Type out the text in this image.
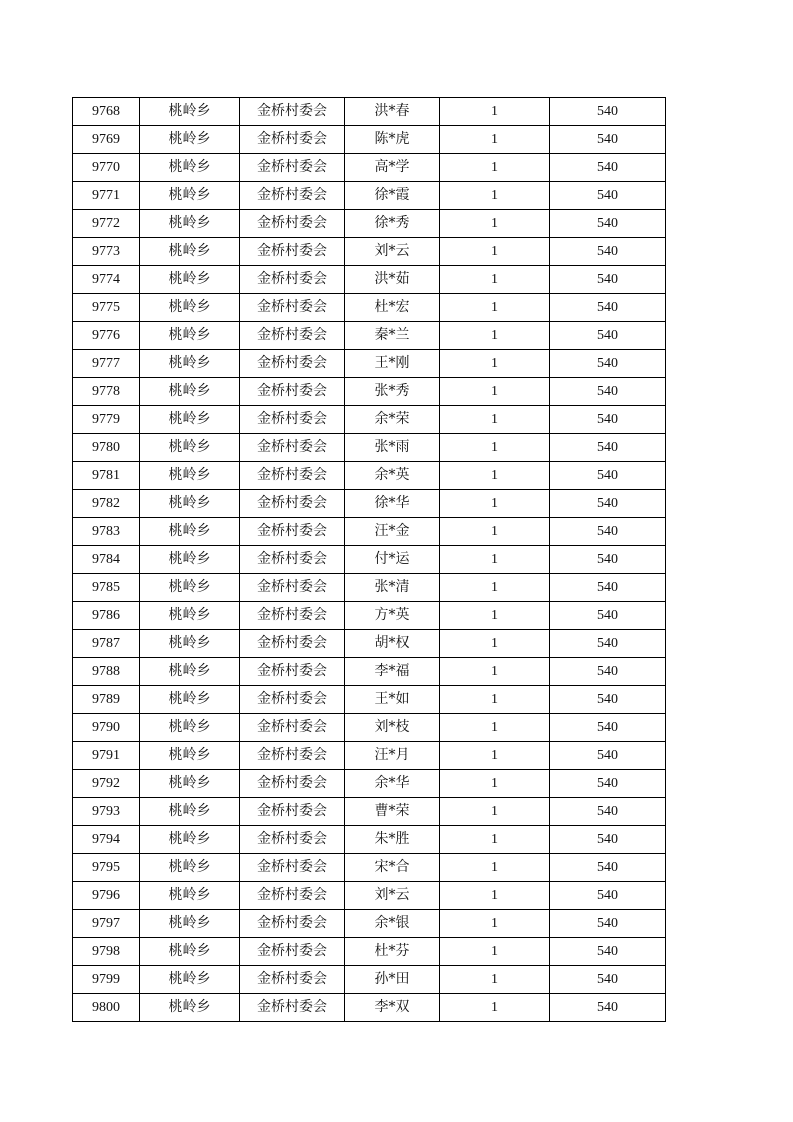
9768	桃岭乡	金桥村委会	洪*春	1	540
9769	桃岭乡	金桥村委会	陈*虎	1	540
9770	桃岭乡	金桥村委会	高*学	1	540
9771	桃岭乡	金桥村委会	徐*霞	1	540
9772	桃岭乡	金桥村委会	徐*秀	1	540
9773	桃岭乡	金桥村委会	刘*云	1	540
9774	桃岭乡	金桥村委会	洪*茹	1	540
9775	桃岭乡	金桥村委会	杜*宏	1	540
9776	桃岭乡	金桥村委会	秦*兰	1	540
9777	桃岭乡	金桥村委会	王*刚	1	540
9778	桃岭乡	金桥村委会	张*秀	1	540
9779	桃岭乡	金桥村委会	余*荣	1	540
9780	桃岭乡	金桥村委会	张*雨	1	540
9781	桃岭乡	金桥村委会	余*英	1	540
9782	桃岭乡	金桥村委会	徐*华	1	540
9783	桃岭乡	金桥村委会	汪*金	1	540
9784	桃岭乡	金桥村委会	付*运	1	540
9785	桃岭乡	金桥村委会	张*清	1	540
9786	桃岭乡	金桥村委会	方*英	1	540
9787	桃岭乡	金桥村委会	胡*权	1	540
9788	桃岭乡	金桥村委会	李*福	1	540
9789	桃岭乡	金桥村委会	王*如	1	540
9790	桃岭乡	金桥村委会	刘*枝	1	540
9791	桃岭乡	金桥村委会	汪*月	1	540
9792	桃岭乡	金桥村委会	余*华	1	540
9793	桃岭乡	金桥村委会	曹*荣	1	540
9794	桃岭乡	金桥村委会	朱*胜	1	540
9795	桃岭乡	金桥村委会	宋*合	1	540
9796	桃岭乡	金桥村委会	刘*云	1	540
9797	桃岭乡	金桥村委会	余*银	1	540
9798	桃岭乡	金桥村委会	杜*芬	1	540
9799	桃岭乡	金桥村委会	孙*田	1	540
9800	桃岭乡	金桥村委会	李*双	1	540
